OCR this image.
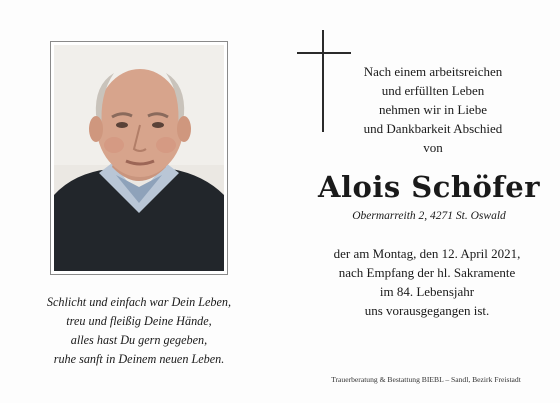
Schlicht und einfach war Dein Leben,
treu und fleißig Deine Hände,
alles hast Du gern gegeben,
ruhe sanft in Deinem neuen Leben.
Nach einem arbeitsreichen
und erfüllten Leben
nehmen wir in Liebe
und Dankbarkeit Abschied
von
Alois Schöfer
Obermarreith 2, 4271 St. Oswald
der am Montag, den 12. April 2021,
nach Empfang der hl. Sakramente
im 84. Lebensjahr
uns vorausgegangen ist.
Trauerberatung & Bestattung BIEBL – Sandl, Bezirk Freistadt
